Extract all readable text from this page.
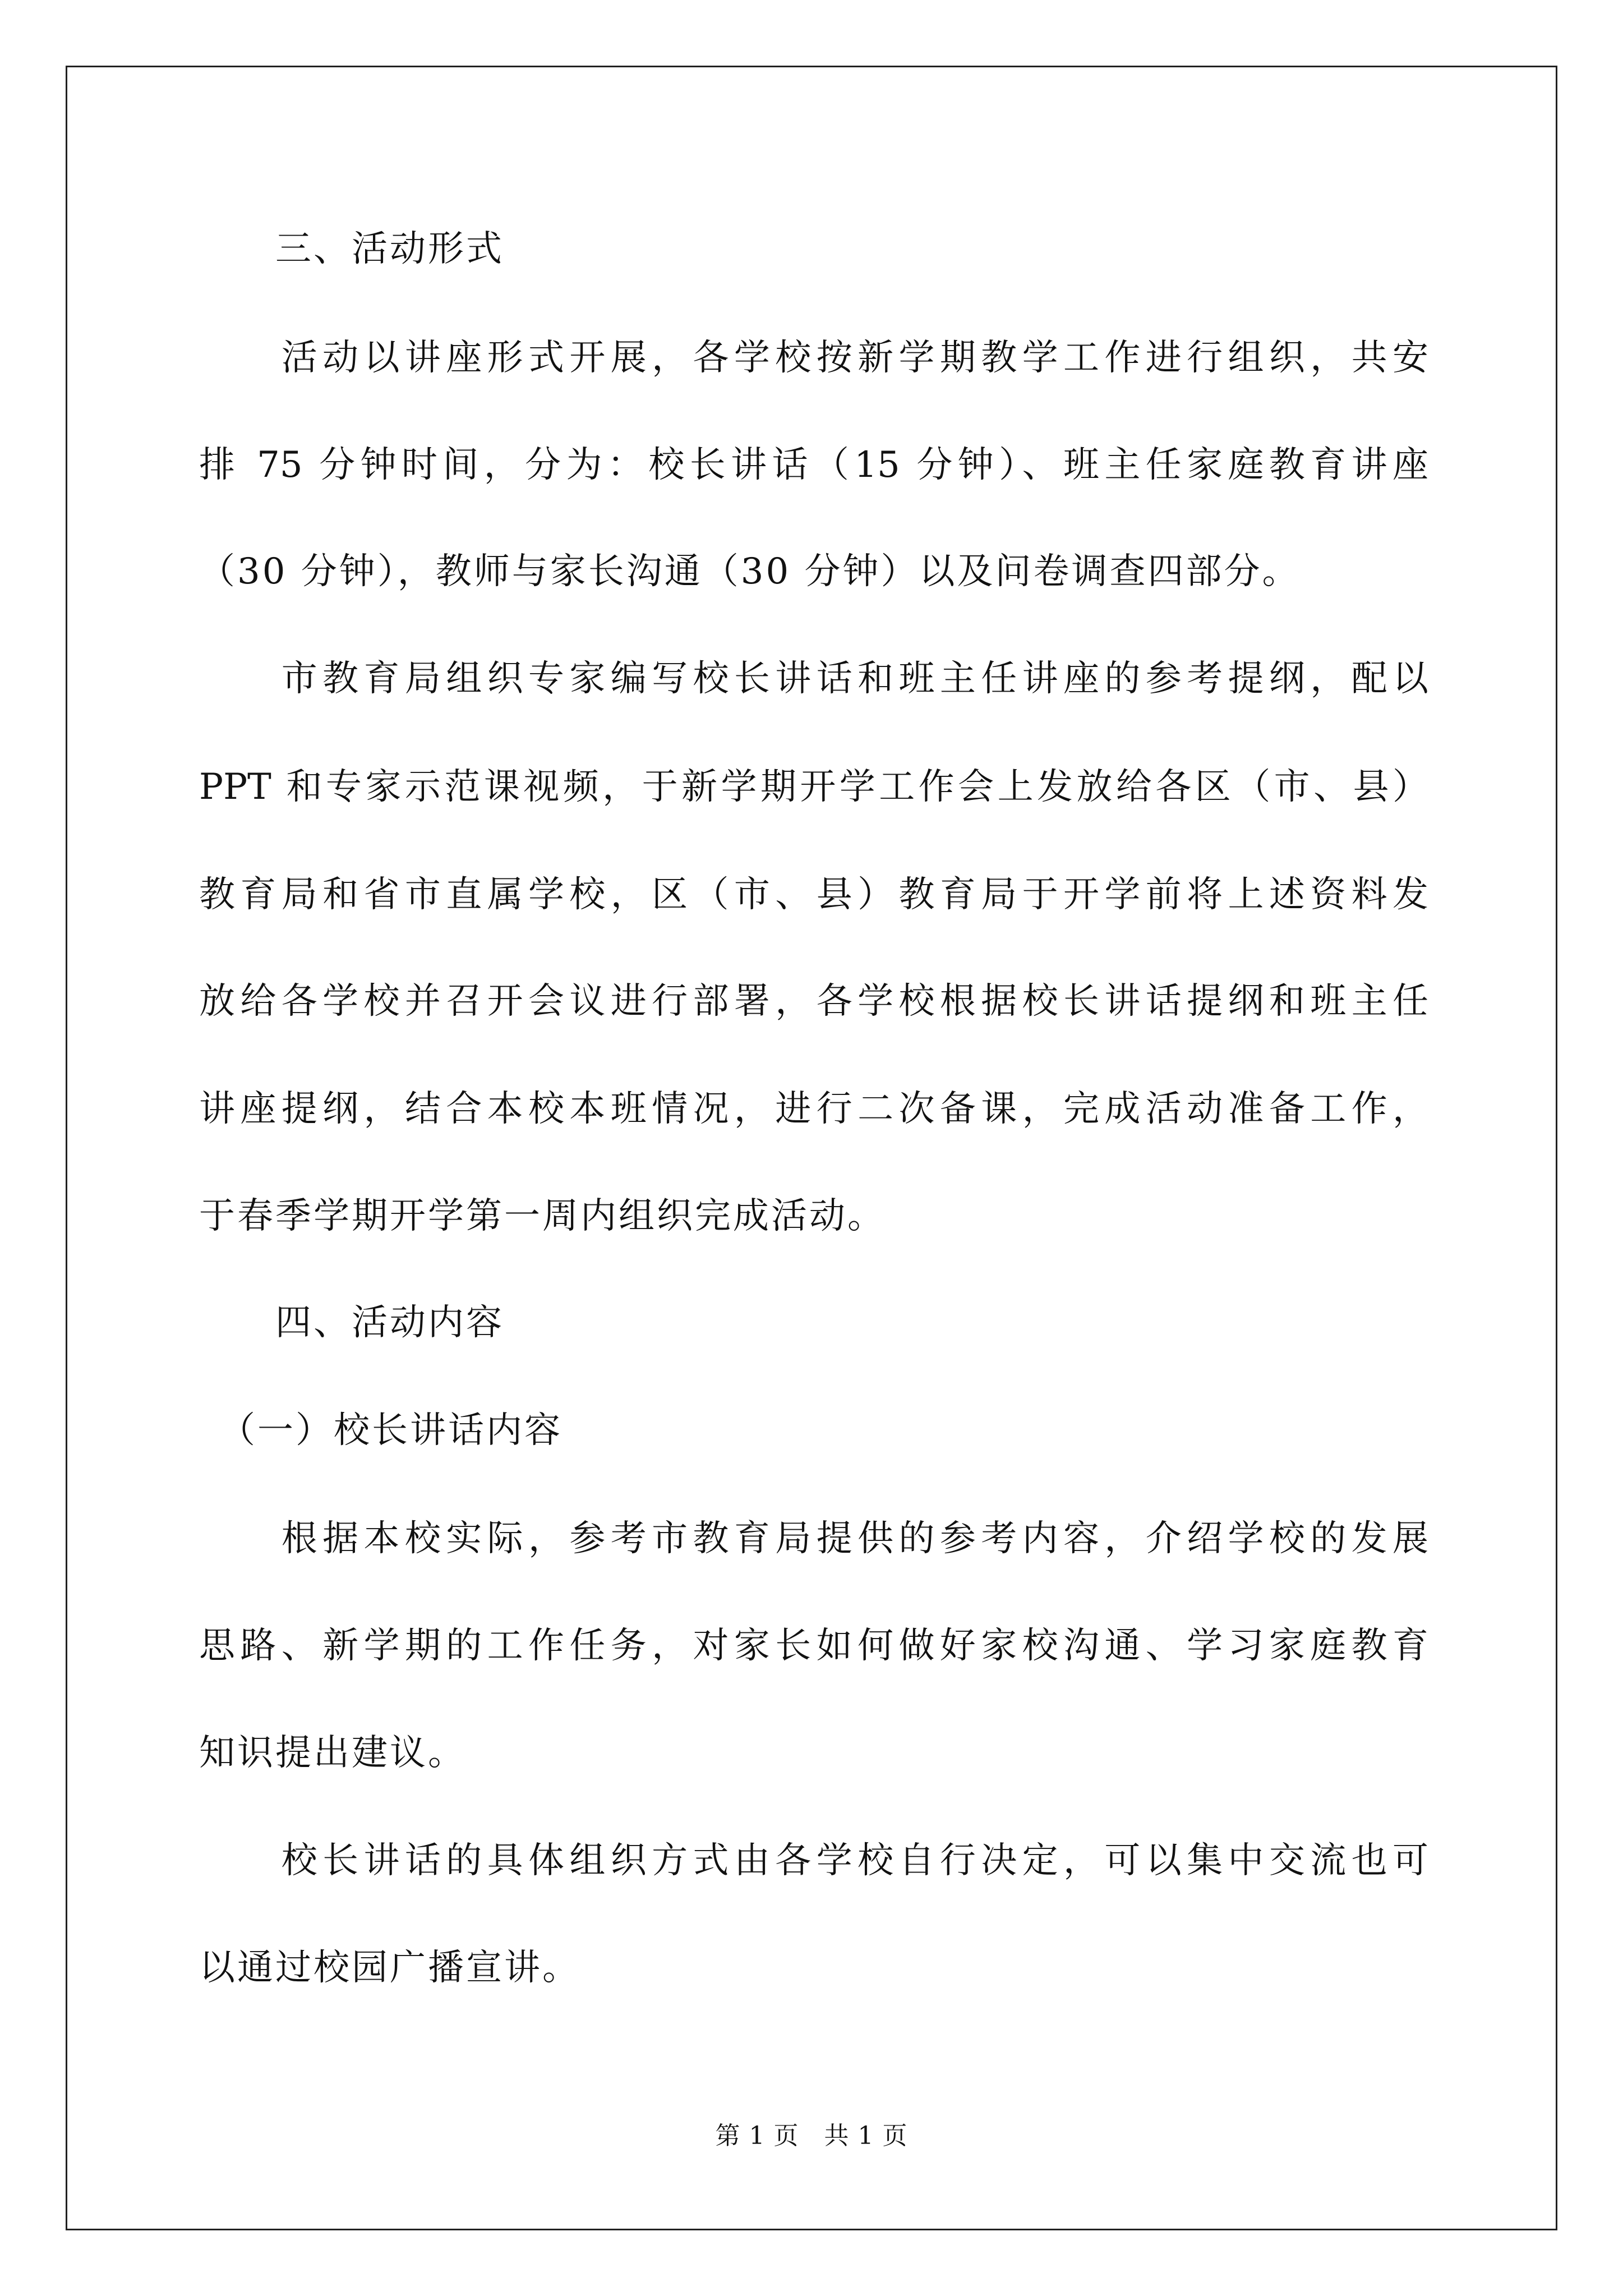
　　三、活动形式
　　活动以讲座形式开展，各学校按新学期教学工作进行组织，共安
排 75 分钟时间，分为：校长讲话（15 分钟）、班主任家庭教育讲座
（30 分钟），教师与家长沟通（30 分钟）以及问卷调查四部分。
　　市教育局组织专家编写校长讲话和班主任讲座的参考提纲，配以
PPT 和专家示范课视频，于新学期开学工作会上发放给各区（市、县）
教育局和省市直属学校，区（市、县）教育局于开学前将上述资料发
放给各学校并召开会议进行部署，各学校根据校长讲话提纲和班主任
讲座提纲，结合本校本班情况，进行二次备课，完成活动准备工作，
于春季学期开学第一周内组织完成活动。
　　四、活动内容
　（一）校长讲话内容
　　根据本校实际，参考市教育局提供的参考内容，介绍学校的发展
思路、新学期的工作任务，对家长如何做好家校沟通、学习家庭教育
知识提出建议。
　　校长讲话的具体组织方式由各学校自行决定，可以集中交流也可
以通过校园广播宣讲。
第 1 页　共 1 页
